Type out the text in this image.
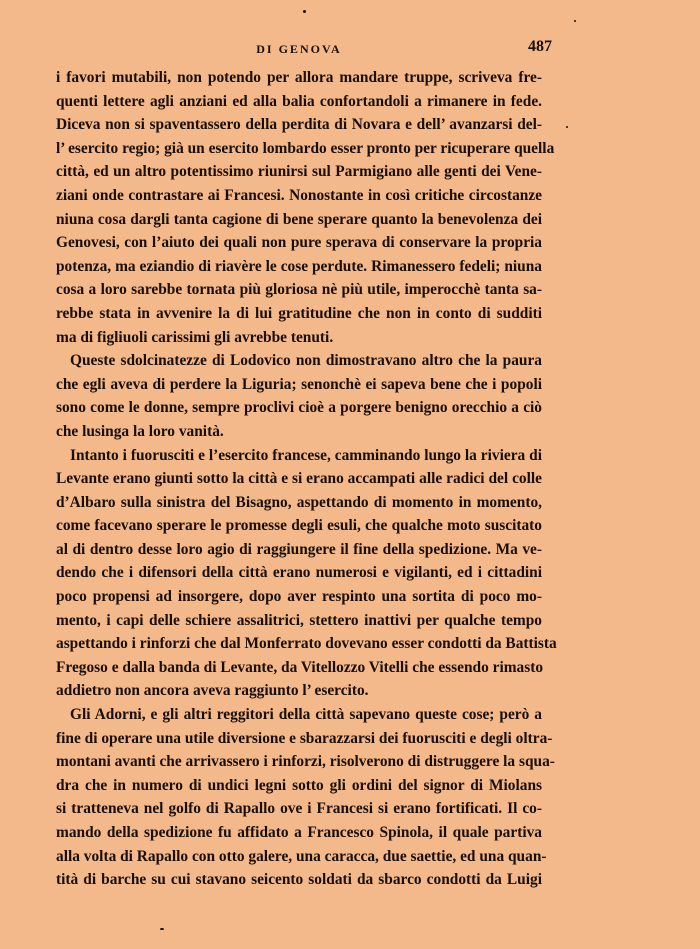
DI GENOVA	487
i favori mutabili, non potendo per allora mandare truppe, scriveva fre-
quenti lettere agli anziani ed alla balia confortandoli a rimanere in fede.
Diceva non si spaventassero della perdita di Novara e dell’ avanzarsi del-
l’ esercito regio; già un esercito lombardo esser pronto per ricuperare quella
città, ed un altro potentissimo riunirsi sul Parmigiano alle genti dei Vene-
ziani onde contrastare ai Francesi. Nonostante in così critiche circostanze
niuna cosa dargli tanta cagione di bene sperare quanto la benevolenza dei
Genovesi, con l’aiuto dei quali non pure sperava di conservare la propria
potenza, ma eziandio di riavère le cose perdute. Rimanessero fedeli; niuna
cosa a loro sarebbe tornata più gloriosa nè più utile, imperocchè tanta sa-
rebbe stata in avvenire la di lui gratitudine che non in conto di sudditi
ma di figliuoli carissimi gli avrebbe tenuti.
Queste sdolcinatezze di Lodovico non dimostravano altro che la paura
che egli aveva di perdere la Liguria; senonchè ei sapeva bene che i popoli
sono come le donne, sempre proclivi cioè a porgere benigno orecchio a ciò
che lusinga la loro vanità.
Intanto i fuorusciti e l’esercito francese, camminando lungo la riviera di
Levante erano giunti sotto la città e si erano accampati alle radici del colle
d’Albaro sulla sinistra del Bisagno, aspettando di momento in momento,
come facevano sperare le promesse degli esuli, che qualche moto suscitato
al di dentro desse loro agio di raggiungere il fine della spedizione. Ma ve-
dendo che i difensori della città erano numerosi e vigilanti, ed i cittadini
poco propensi ad insorgere, dopo aver respinto una sortita di poco mo-
mento, i capi delle schiere assalitrici, stettero inattivi per qualche tempo
aspettando i rinforzi che dal Monferrato dovevano esser condotti da Battista
Fregoso e dalla banda di Levante, da Vitellozzo Vitelli che essendo rimasto
addietro non ancora aveva raggiunto l’ esercito.
Gli Adorni, e gli altri reggitori della città sapevano queste cose; però a
fine di operare una utile diversione e sbarazzarsi dei fuorusciti e degli oltra-
montani avanti che arrivassero i rinforzi, risolverono di distruggere la squa-
dra che in numero di undici legni sotto gli ordini del signor di Miolans
si tratteneva nel golfo di Rapallo ove i Francesi si erano fortificati. Il co-
mando della spedizione fu affidato a Francesco Spinola, il quale partiva
alla volta di Rapallo con otto galere, una caracca, due saettie, ed una quan-
tità di barche su cui stavano seicento soldati da sbarco condotti da Luigi
